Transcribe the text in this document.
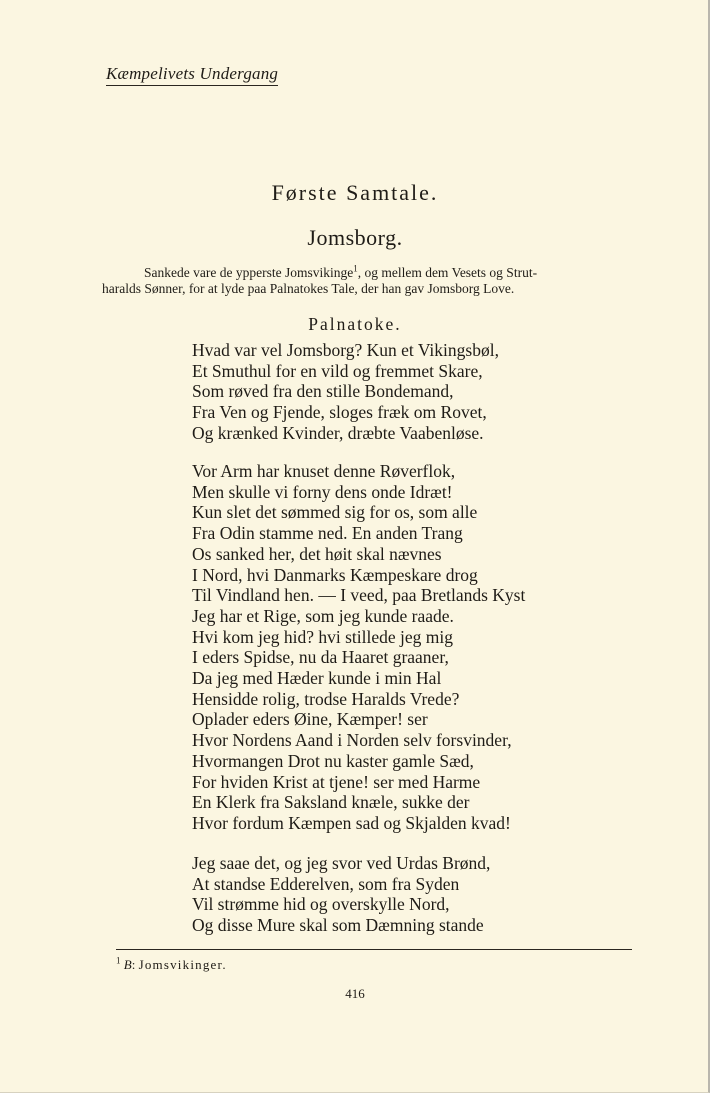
Kæmpelivets Undergang
Første Samtale.
Jomsborg.

Sankede vare de ypperste Jomsvikinge$^1$, og mellem dem Vesets og Strut-

haralds Sønner, for at lyde paa Palnatokes Tale, der han gav Jomsborg Love.

Palnatoke.
Hvad var vel Jomsborg? Kun et Vikingsbøl,
Et Smuthul for en vild og fremmet Skare,
Som røved fra den stille Bondemand,
Fra Ven og Fjende, sloges fræk om Rovet,
Og krænked Kvinder, dræbte Vaabenløse.
Vor Arm har knuset denne Røverflok,
Men skulle vi forny dens onde Idræt!
Kun slet det sømmed sig for os, som alle
Fra Odin stamme ned. En anden Trang
Os sanked her, det høit skal nævnes
I Nord, hvi Danmarks Kæmpeskare drog
Til Vindland hen. — I veed, paa Bretlands Kyst
Jeg har et Rige, som jeg kunde raade.
Hvi kom jeg hid? hvi stillede jeg mig
I eders Spidse, nu da Haaret graaner,
Da jeg med Hæder kunde i min Hal
Hensidde rolig, trodse Haralds Vrede?
Oplader eders Øine, Kæmper! ser
Hvor Nordens Aand i Norden selv forsvinder,
Hvormangen Drot nu kaster gamle Sæd,
For hviden Krist at tjene! ser med Harme
En Klerk fra Saksland knæle, sukke der
Hvor fordum Kæmpen sad og Skjalden kvad!
Jeg saae det, og jeg svor ved Urdas Brønd,
At standse Edderelven, som fra Syden
Vil strømme hid og overskylle Nord,
Og disse Mure skal som Dæmning stande
$^1$ B: Jomsvikinger.
416
